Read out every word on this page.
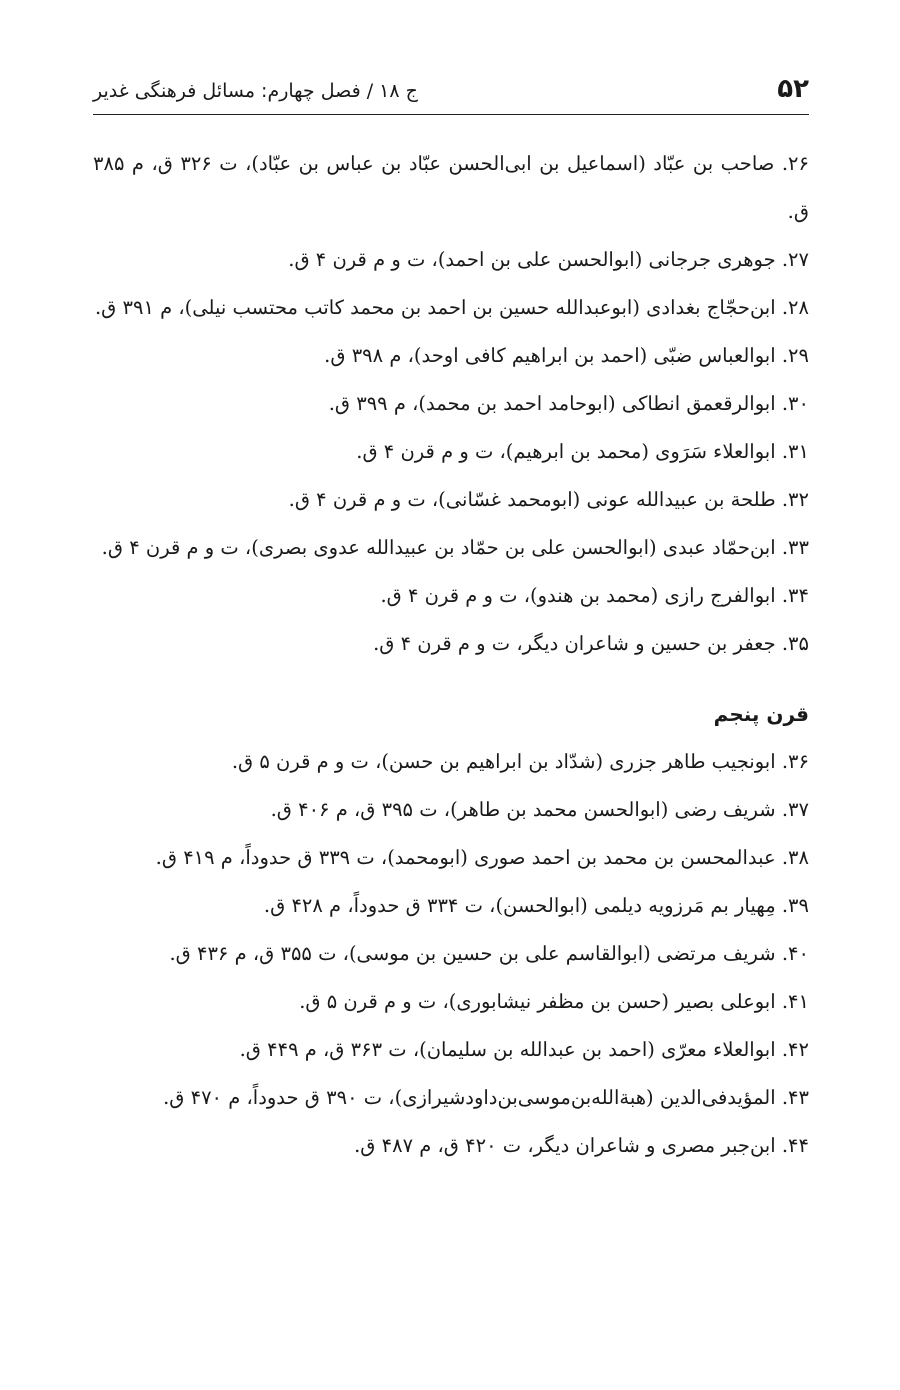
۵۲
ج ۱۸ / فصل چهارم: مسائل فرهنگی غدیر
۲۶. صاحب بن عبّاد (اسماعیل بن ابی‌الحسن عبّاد بن عباس بن عبّاد)، ت ۳۲۶ ق، م ۳۸۵ ق.
۲۷. جوهری جرجانی (ابوالحسن علی بن احمد)، ت و م قرن ۴ ق.
۲۸. ابن‌حجّاج بغدادی (ابوعبدالله حسین بن احمد بن محمد کاتب محتسب نیلی)، م ۳۹۱ ق.
۲۹. ابوالعباس ضبّی (احمد بن ابراهیم کافی اوحد)، م ۳۹۸ ق.
۳۰. ابوالرقعمق انطاکی (ابوحامد احمد بن محمد)، م ۳۹۹ ق.
۳۱. ابوالعلاء سَرَوی (محمد بن ابرهیم)، ت و م قرن ۴ ق.
۳۲. طلحة بن عبیدالله عونی (ابومحمد غسّانی)، ت و م قرن ۴ ق.
۳۳. ابن‌حمّاد عبدی (ابوالحسن علی بن حمّاد بن عبیدالله عدوی بصری)، ت و م قرن ۴ ق.
۳۴. ابوالفرج رازی (محمد بن هندو)، ت و م قرن ۴ ق.
۳۵. جعفر بن حسین و شاعران دیگر، ت و م قرن ۴ ق.
قرن پنجم
۳۶. ابونجیب طاهر جزری (شدّاد بن ابراهیم بن حسن)، ت و م قرن ۵ ق.
۳۷. شریف رضی (ابوالحسن محمد بن طاهر)، ت ۳۹۵ ق، م ۴۰۶ ق.
۳۸. عبدالمحسن بن محمد بن احمد صوری (ابومحمد)، ت ۳۳۹ ق حدوداً، م ۴۱۹ ق.
۳۹. مِهیار بم مَرزویه دیلمی (ابوالحسن)، ت ۳۳۴ ق حدوداً، م ۴۲۸ ق.
۴۰. شریف مرتضی (ابوالقاسم علی بن حسین بن موسی)، ت ۳۵۵ ق، م ۴۳۶ ق.
۴۱. ابوعلی بصیر (حسن بن مظفر نیشابوری)، ت و م قرن ۵ ق.
۴۲. ابوالعلاء معرّی (احمد بن عبدالله بن سلیمان)، ت ۳۶۳ ق، م ۴۴۹ ق.
۴۳. المؤیدفی‌الدین (هبةالله‌بن‌موسی‌بن‌داودشیرازی)، ت ۳۹۰ ق حدوداً، م ۴۷۰ ق.
۴۴. ابن‌جبر مصری و شاعران دیگر، ت ۴۲۰ ق، م ۴۸۷ ق.
